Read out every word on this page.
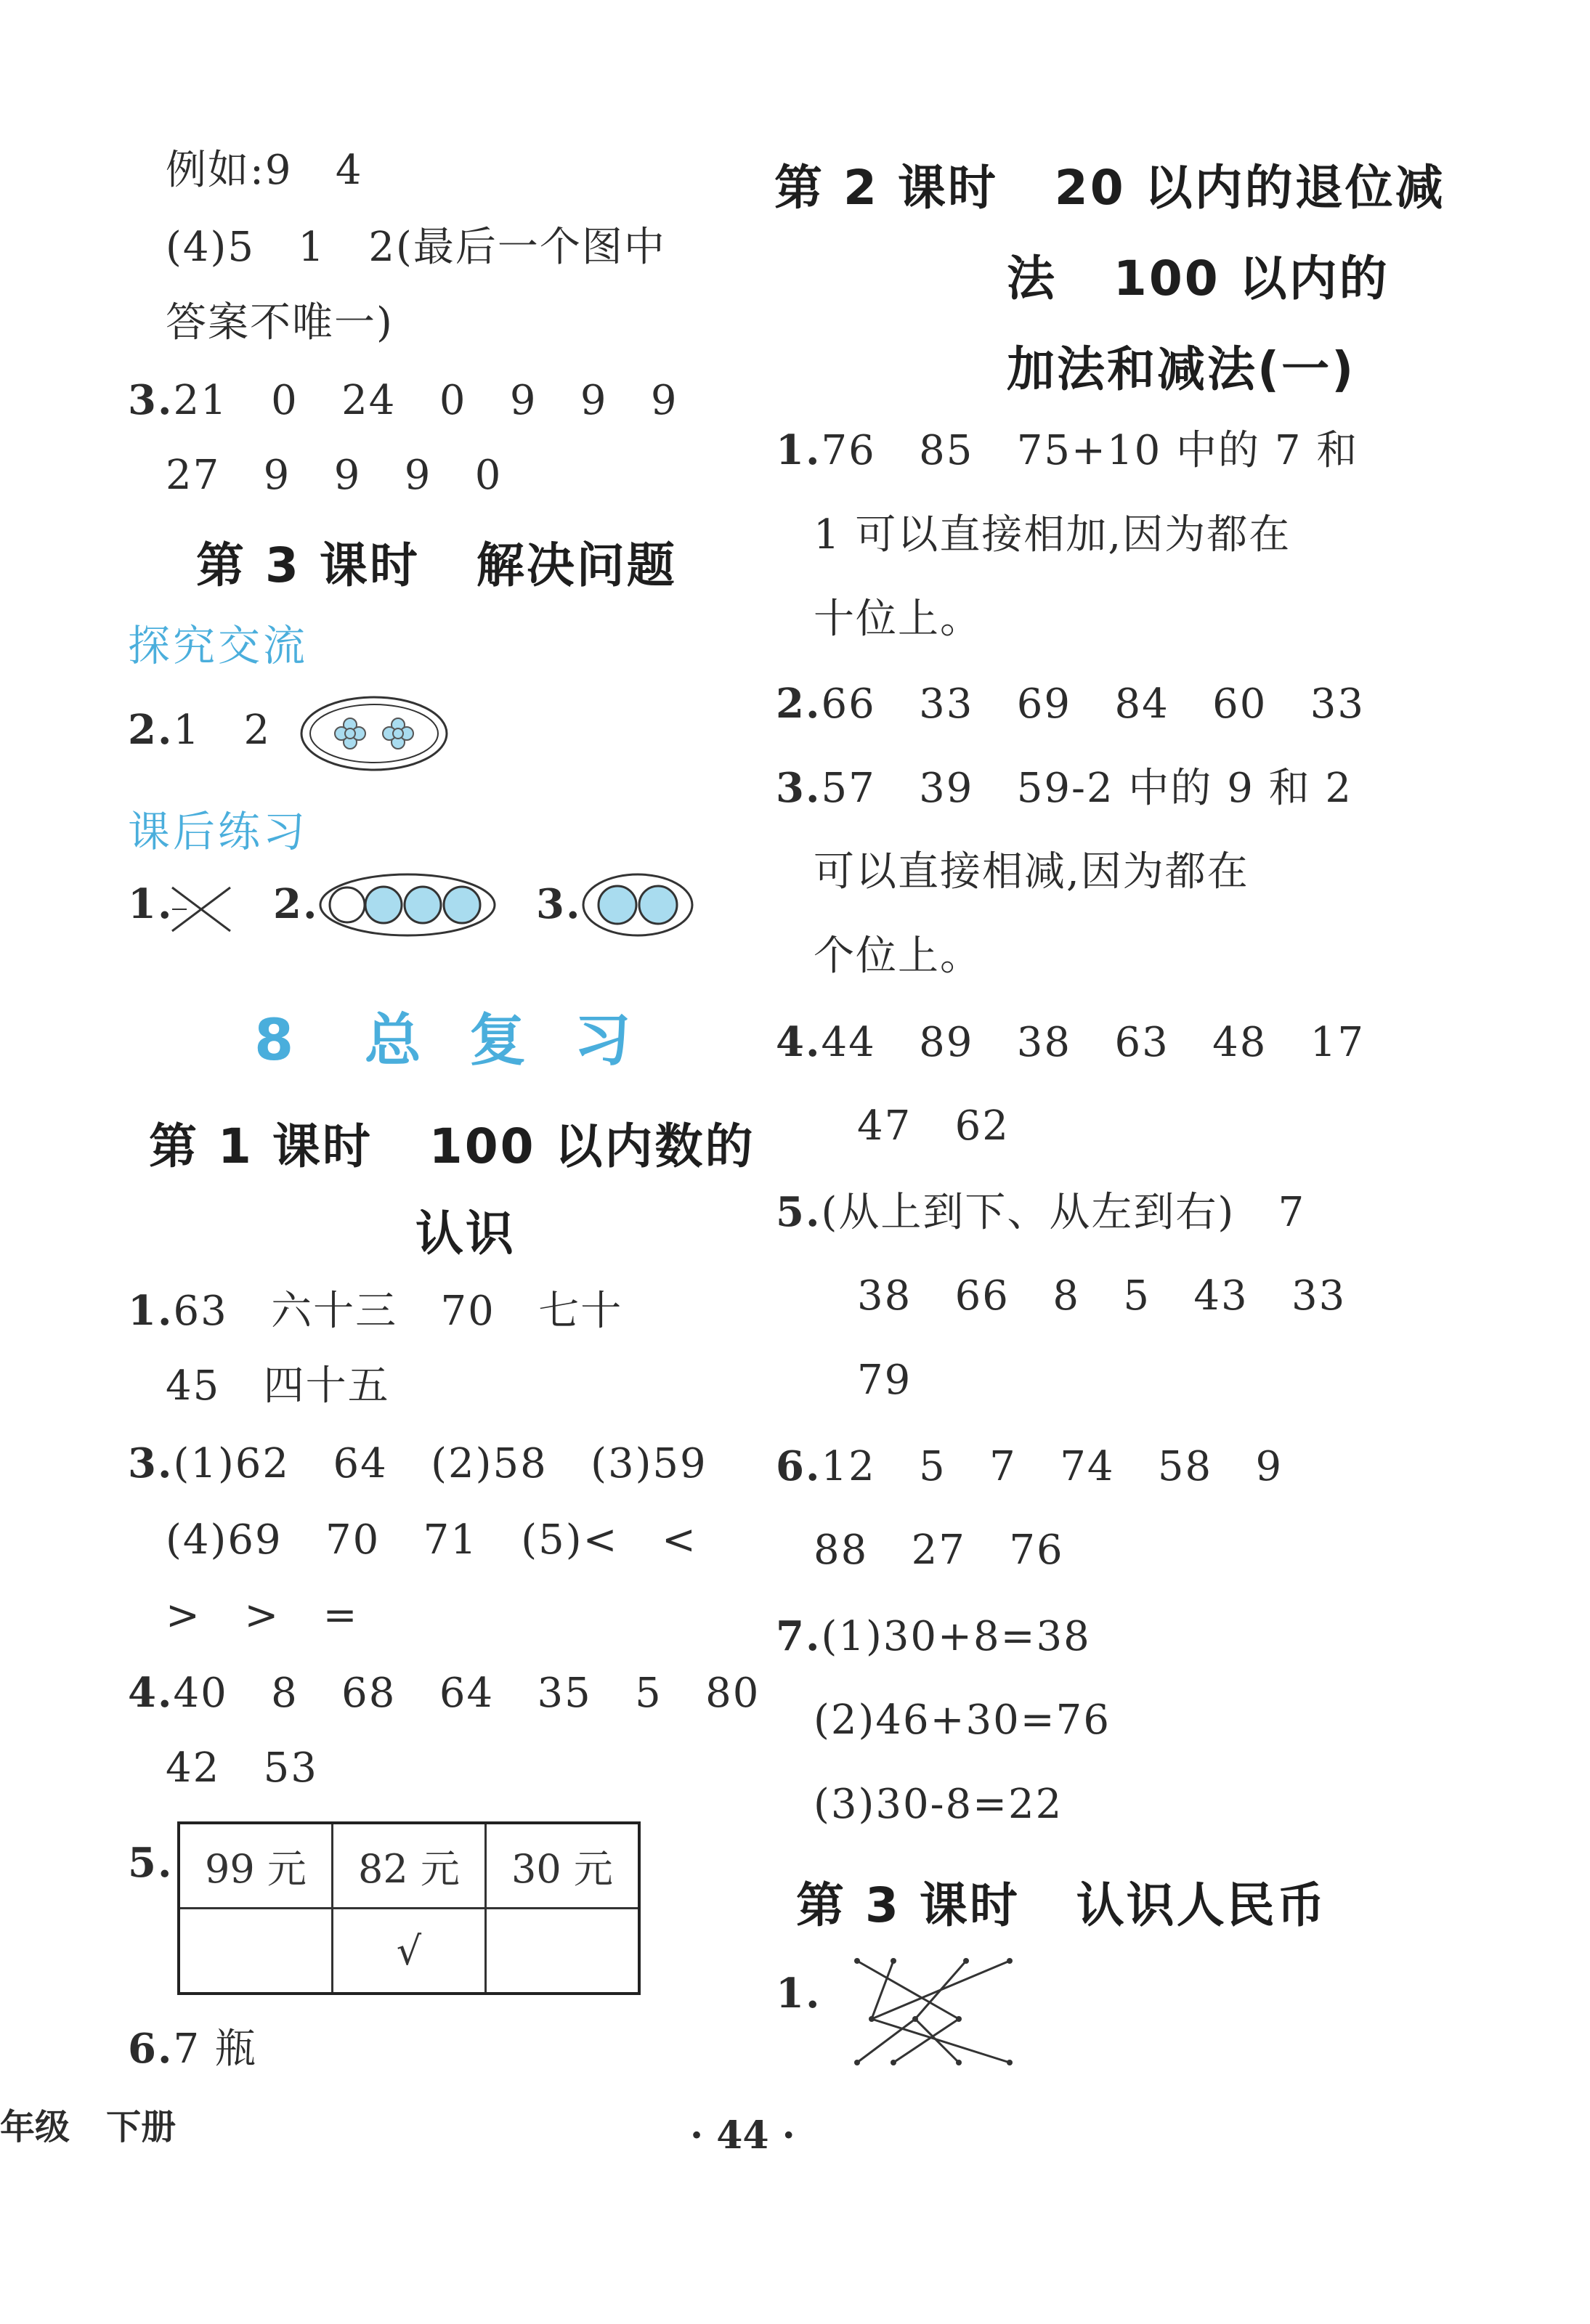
例如:9   4
(4)5   1   2(最后一个图中
答案不唯一)
3.21   0   24   0   9   9   9
27   9   9   9   0
第 3 课时   解决问题
探究交流
2.1   2
课后练习
1. 2.	3.
8   总  复  习
第 1 课时   100 以内数的
认识
1.63   六十三   70   七十
45   四十五
3.(1)62   64   (2)58   (3)59
(4)69   70   71   (5)<   <
>   >   =
4.40   8   68   64   35   5   80
42   53
5. 99 元	82 元	30 元
	√	
6.7 瓶
第 2 课时   20 以内的退位减
法   100 以内的
加法和减法(一)
1.76   85   75+10 中的 7 和
1 可以直接相加,因为都在
十位上。
2.66   33   69   84   60   33
3.57   39   59-2 中的 9 和 2
可以直接相减,因为都在
个位上。
4.44   89   38   63   48   17
47   62
5.(从上到下、从左到右)   7
38   66   8   5   43   33
79
6.12   5   7   74   58   9
88   27   76
7.(1)30+8=38
(2)46+30=76
(3)30-8=22
第 3 课时   认识人民币
1.
年级   下册	· 44 ·
